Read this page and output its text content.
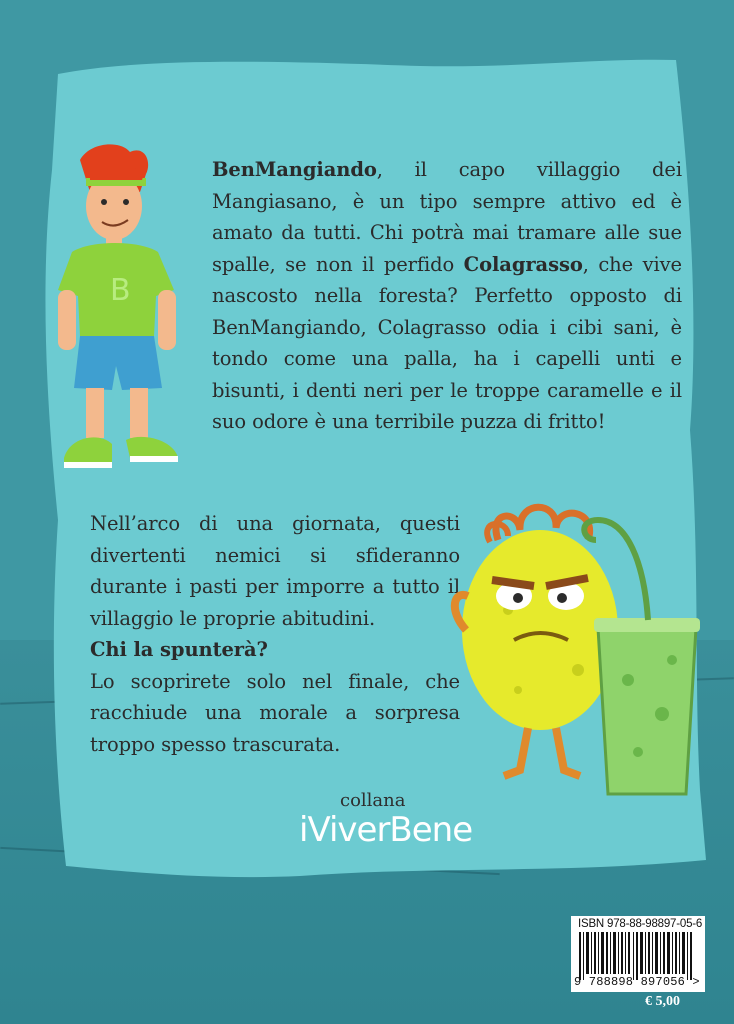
B
BenMangiando, il capo villaggio dei Mangiasano, è un tipo sempre attivo ed è amato da tutti. Chi potrà mai tramare alle sue spalle, se non il perfido Colagrasso, che vive nascosto nella foresta? Perfetto opposto di BenMangiando, Colagrasso odia i cibi sani, è tondo come una palla, ha i capelli unti e bisunti, i denti neri per le troppe caramelle e il suo odore è una terribile puzza di fritto!
Nell’arco di una giornata, questi divertenti nemici si sfideranno durante i pasti per imporre a tutto il villaggio le proprie abitudini.
Chi la spunterà?
Lo scoprirete solo nel finale, che racchiude una morale a sorpresa troppo spesso trascurata.
collana
iViverBene
ISBN 978-88-98897-05-6
9 788898 897056 >
€ 5,00
